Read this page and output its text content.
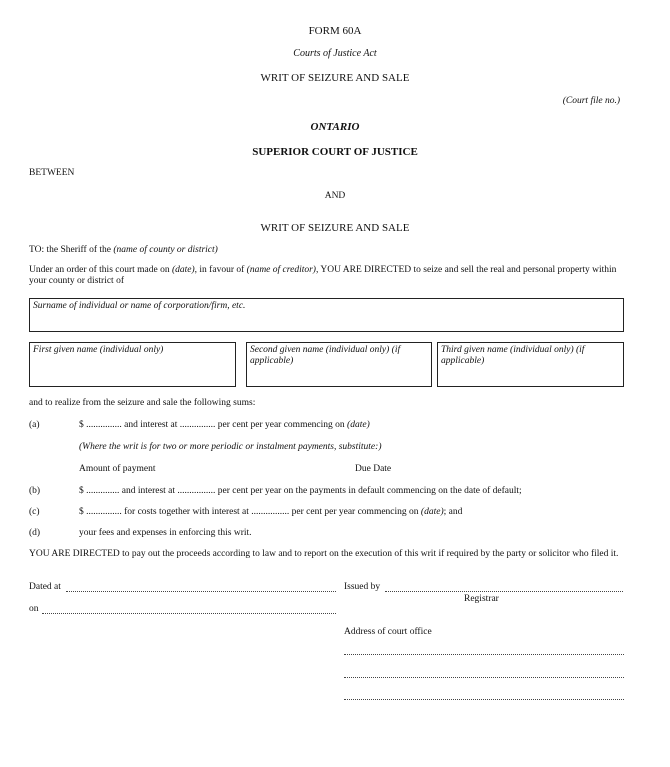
FORM 60A
Courts of Justice Act
WRIT OF SEIZURE AND SALE
(Court file no.)
ONTARIO
SUPERIOR COURT OF JUSTICE
BETWEEN
AND
WRIT OF SEIZURE AND SALE
TO: the Sheriff of the (name of county or district)
Under an order of this court made on (date), in favour of (name of creditor), YOU ARE DIRECTED to seize and sell the real and personal property within your county or district of
Surname of individual or name of corporation/firm, etc.
First given name (individual only)	Second given name (individual only) (if applicable)
Third given name (individual only) (if applicable)
and to realize from the seizure and sale the following sums:
(a)	$ ............... and interest at ............... per cent per year commencing on (date)
(Where the writ is for two or more periodic or instalment payments, substitute:)
Amount of payment	Due Date
(b)	$ .............. and interest at ................ per cent per year on the payments in default commencing on the date of default;
(c)	$ ............... for costs together with interest at ................ per cent per year commencing on (date); and
(d)	your fees and expenses in enforcing this writ.
YOU ARE DIRECTED to pay out the proceeds according to law and to report on the execution of this writ if required by the party or solicitor who filed it.
Dated at	Issued by
Registrar
on
Address of court office
